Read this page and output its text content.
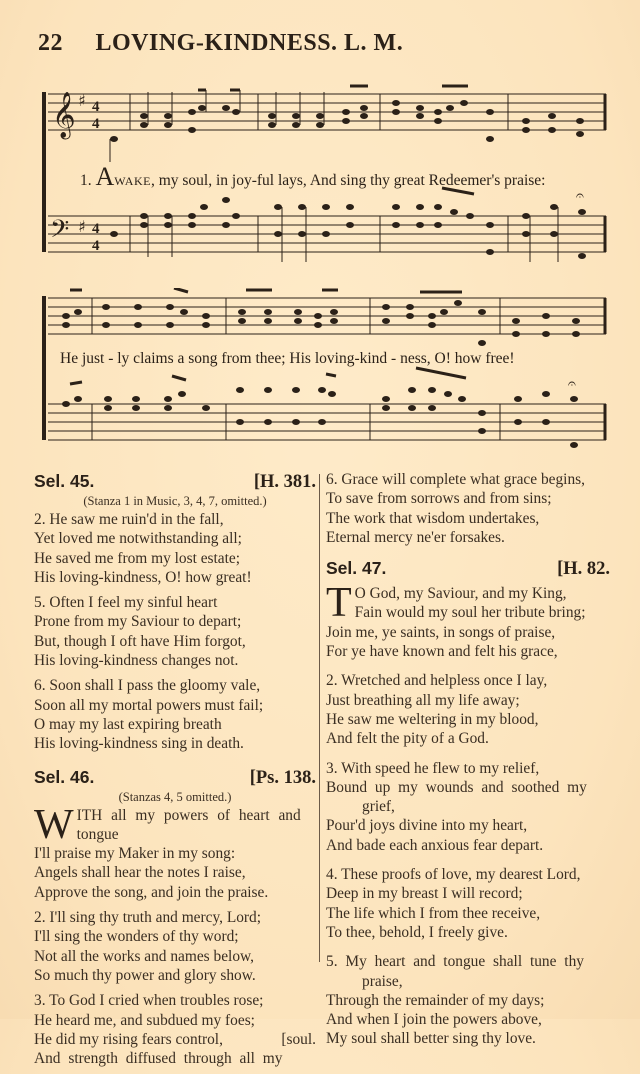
22 LOVING-KINDNESS. L. M.
𝄞 ♯ 4
4
𝄢 ♯ 4
4
𝄐
1. AWAKE, my soul, in joy-ful lays, And sing thy great Redeemer's praise:
𝄐
He just - ly claims a song from thee; His loving-kind - ness, O! how free!
Sel. 45.	[H. 381.
(Stanza 1 in Music, 3, 4, 7, omitted.)
2. He saw me ruin'd in the fall,
Yet loved me notwithstanding all;
He saved me from my lost estate;
His loving-kindness, O! how great!
5. Often I feel my sinful heart
Prone from my Saviour to depart;
But, though I oft have Him forgot,
His loving-kindness changes not.
6. Soon shall I pass the gloomy vale,
Soon all my mortal powers must fail;
O may my last expiring breath
His loving-kindness sing in death.
Sel. 46.	[Ps. 138.
(Stanzas 4, 5 omitted.)
W ITH all my powers of heart and
tongue
I'll praise my Maker in my song:
Angels shall hear the notes I raise,
Approve the song, and join the praise.
2. I'll sing thy truth and mercy, Lord;
I'll sing the wonders of thy word;
Not all the works and names below,
So much thy power and glory show.
3. To God I cried when troubles rose;
He heard me, and subdued my foes;
He did my rising fears control,	[soul.
And strength diffused through all my
6. Grace will complete what grace begins,
To save from sorrows and from sins;
The work that wisdom undertakes,
Eternal mercy ne'er forsakes.
Sel. 47.	[H. 82.
T O God, my Saviour, and my King,
Fain would my soul her tribute bring;
Join me, ye saints, in songs of praise,
For ye have known and felt his grace,
2. Wretched and helpless once I lay,
Just breathing all my life away;
He saw me weltering in my blood,
And felt the pity of a God.
3. With speed he flew to my relief,
Bound up my wounds and soothed my
grief,
Pour'd joys divine into my heart,
And bade each anxious fear depart.
4. These proofs of love, my dearest Lord,
Deep in my breast I will record;
The life which I from thee receive,
To thee, behold, I freely give.
5. My heart and tongue shall tune thy
praise,
Through the remainder of my days;
And when I join the powers above,
My soul shall better sing thy love.
